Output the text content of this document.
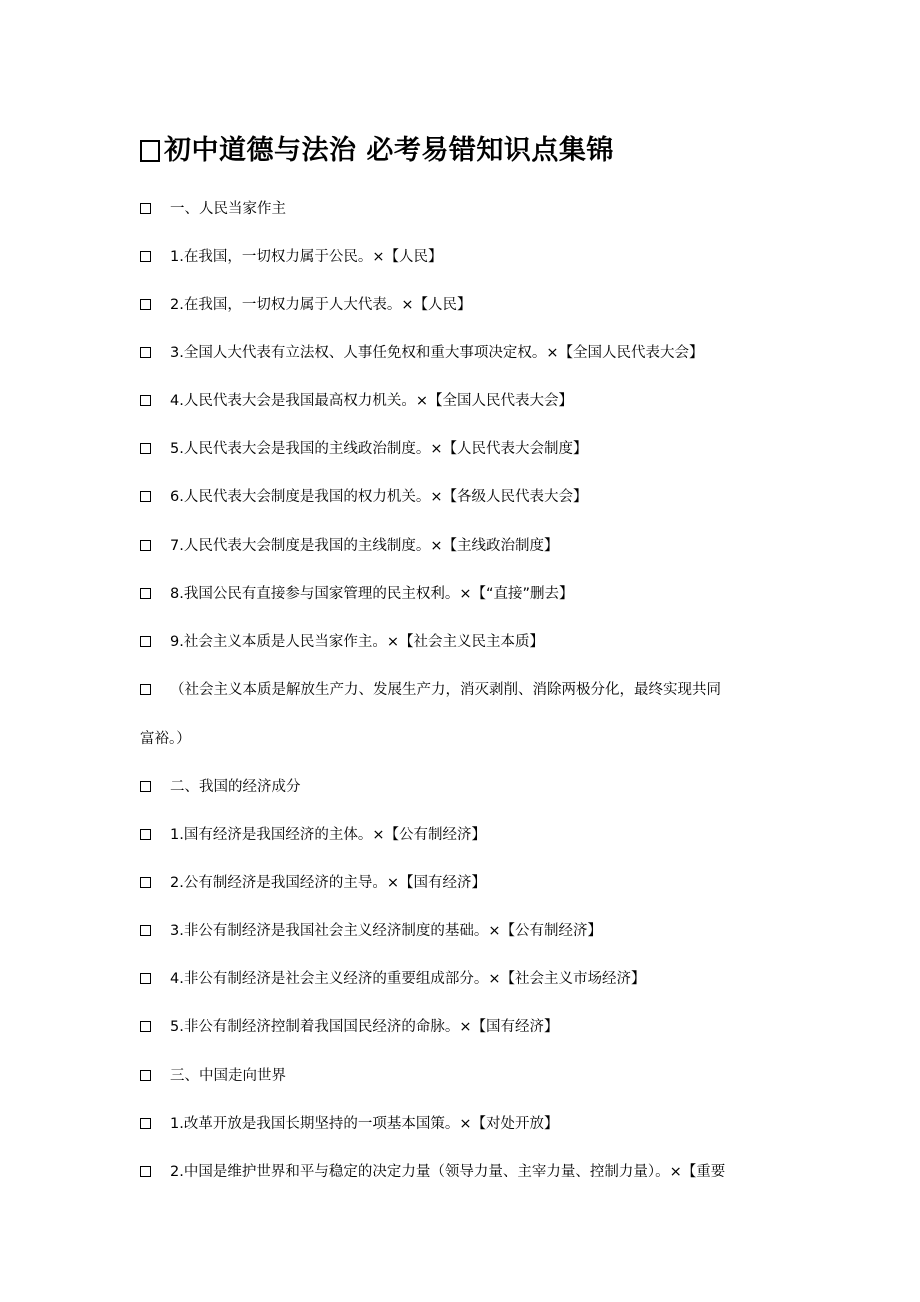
初中道德与法治 必考易错知识点集锦
一、人民当家作主
1.在我国，一切权力属于公民。×【人民】
2.在我国，一切权力属于人大代表。×【人民】
3.全国人大代表有立法权、人事任免权和重大事项决定权。×【全国人民代表大会】
4.人民代表大会是我国最高权力机关。×【全国人民代表大会】
5.人民代表大会是我国的主线政治制度。×【人民代表大会制度】
6.人民代表大会制度是我国的权力机关。×【各级人民代表大会】
7.人民代表大会制度是我国的主线制度。×【主线政治制度】
8.我国公民有直接参与国家管理的民主权利。×【“直接”删去】
9.社会主义本质是人民当家作主。×【社会主义民主本质】
（社会主义本质是解放生产力、发展生产力，消灭剥削、消除两极分化，最终实现共同
富裕。）
二、我国的经济成分
1.国有经济是我国经济的主体。×【公有制经济】
2.公有制经济是我国经济的主导。×【国有经济】
3.非公有制经济是我国社会主义经济制度的基础。×【公有制经济】
4.非公有制经济是社会主义经济的重要组成部分。×【社会主义市场经济】
5.非公有制经济控制着我国国民经济的命脉。×【国有经济】
三、中国走向世界
1.改革开放是我国长期坚持的一项基本国策。×【对处开放】
2.中国是维护世界和平与稳定的决定力量（领导力量、主宰力量、控制力量）。×【重要
